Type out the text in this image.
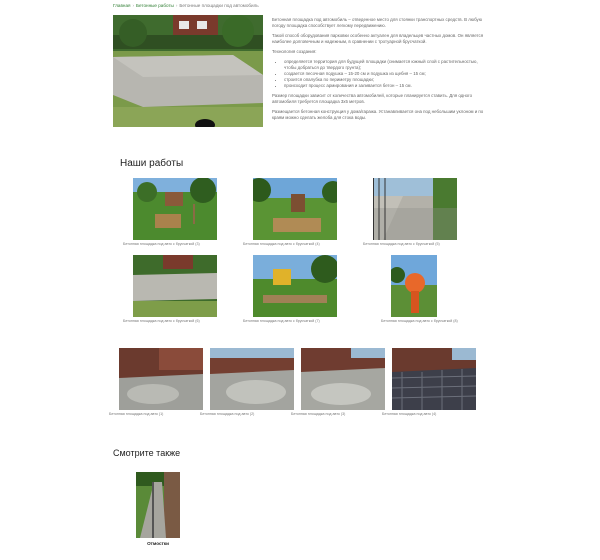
Главная › Бетонные работы › Бетонные площадки под автомобиль

Бетонная площадка под автомобиль – отведенное место для стоянки транспортных средств. В любую погоду площадка способствует легкому передвижению.

Такой способ оборудования парковки особенно актуален для владельцев частных домов. Он является наиболее долговечным и надежным, в сравнении с тротуарной брусчаткой.

Технология создания:

• определяется территория для будущей площадки (снимается южный слой с растительностью, чтобы добраться до твердого грунта);
• создается песочная подушка – 15-20 см и подушка из щебня – 15 см;
• строится опалубка по периметру площадки;
• происходит процесс армирования и заливается бетон – 15 см.

Размер площадки зависит от количества автомобилей, которые планируется ставить. Для одного автомобиля требуется площадка 3х5 метров.

Размещается бетонная конструкция у дома/гаража. Устанавливается она под небольшим уклоном и по краям можно сделать желоба для стока воды.

Наши работы
Бетонная площадка под авто с брусчаткой (3)	Бетонная площадка под авто с брусчаткой (4)	Бетонная площадка под авто с брусчаткой (5)
Бетонная площадка под авто с брусчаткой (6)	Бетонная площадка под авто с брусчаткой (7)	Бетонная площадка под авто с брусчаткой (8)
Бетонная площадка под авто (1)	Бетонная площадка под авто (2)	Бетонная площадка под авто (3)	Бетонная площадка под авто (4)
Смотрите также
Отмостки
